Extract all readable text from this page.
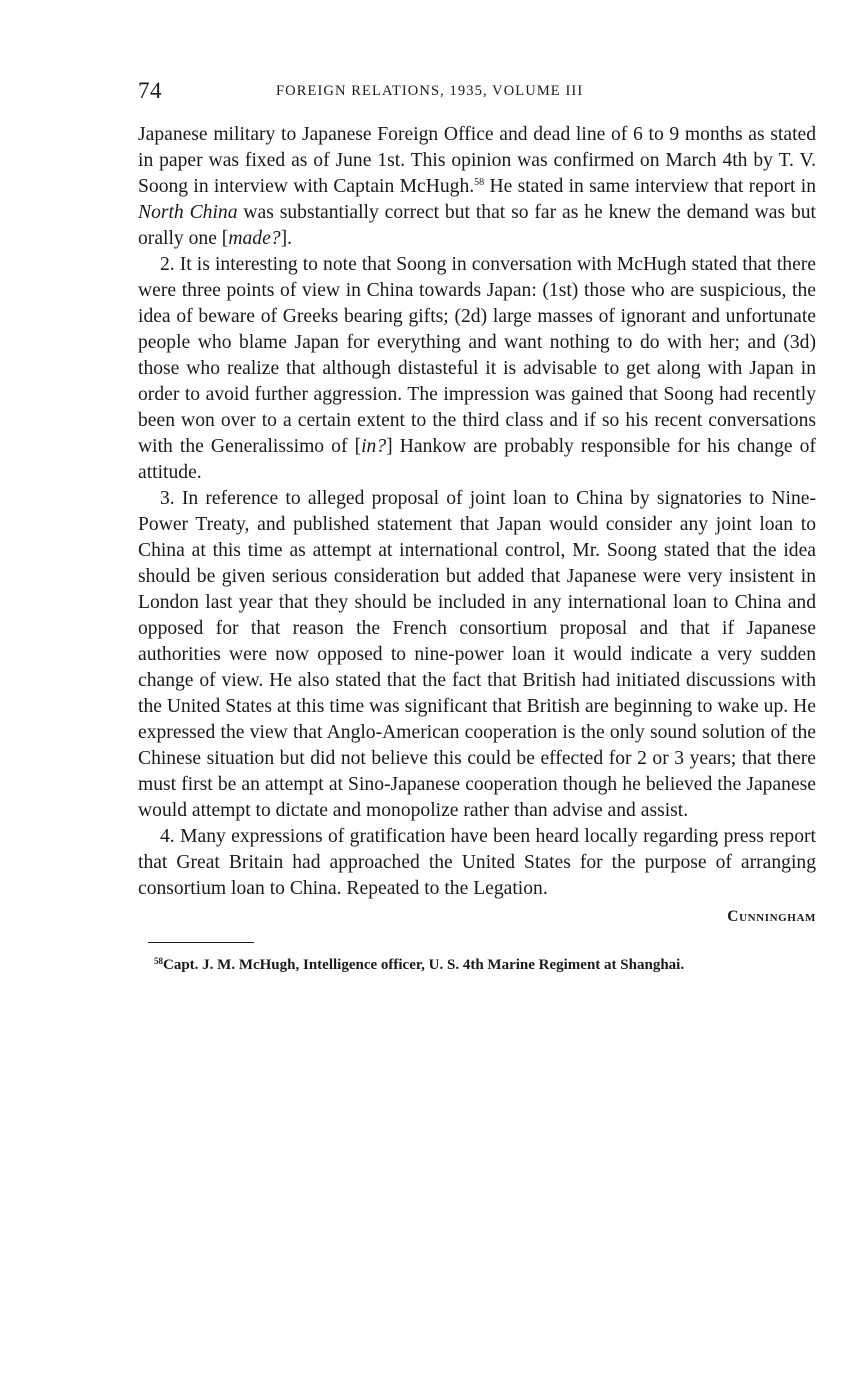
74	FOREIGN RELATIONS, 1935, VOLUME III

Japanese military to Japanese Foreign Office and dead line of 6 to 9 months as stated in paper was fixed as of June 1st. This opinion was confirmed on March 4th by T. V. Soong in interview with Captain McHugh.$^{58}$ He stated in same interview that report in North China was substantially correct but that so far as he knew the demand was but orally one [made?].

2. It is interesting to note that Soong in conversation with McHugh stated that there were three points of view in China towards Japan: (1st) those who are suspicious, the idea of beware of Greeks bearing gifts; (2d) large masses of ignorant and unfortunate people who blame Japan for everything and want nothing to do with her; and (3d) those who realize that although distasteful it is advisable to get along with Japan in order to avoid further aggression. The impression was gained that Soong had recently been won over to a certain extent to the third class and if so his recent conversations with the Generalissimo of [in?] Hankow are probably responsible for his change of attitude.

3. In reference to alleged proposal of joint loan to China by signatories to Nine-Power Treaty, and published statement that Japan would consider any joint loan to China at this time as attempt at international control, Mr. Soong stated that the idea should be given serious consideration but added that Japanese were very insistent in London last year that they should be included in any international loan to China and opposed for that reason the French consortium proposal and that if Japanese authorities were now opposed to nine-power loan it would indicate a very sudden change of view. He also stated that the fact that British had initiated discussions with the United States at this time was significant that British are beginning to wake up. He expressed the view that Anglo-American cooperation is the only sound solution of the Chinese situation but did not believe this could be effected for 2 or 3 years; that there must first be an attempt at Sino-Japanese cooperation though he believed the Japanese would attempt to dictate and monopolize rather than advise and assist.

4. Many expressions of gratification have been heard locally regarding press report that Great Britain had approached the United States for the purpose of arranging consortium loan to China. Repeated to the Legation.

Cunningham
$^{58}$Capt. J. M. McHugh, Intelligence officer, U. S. 4th Marine Regiment at Shanghai.
